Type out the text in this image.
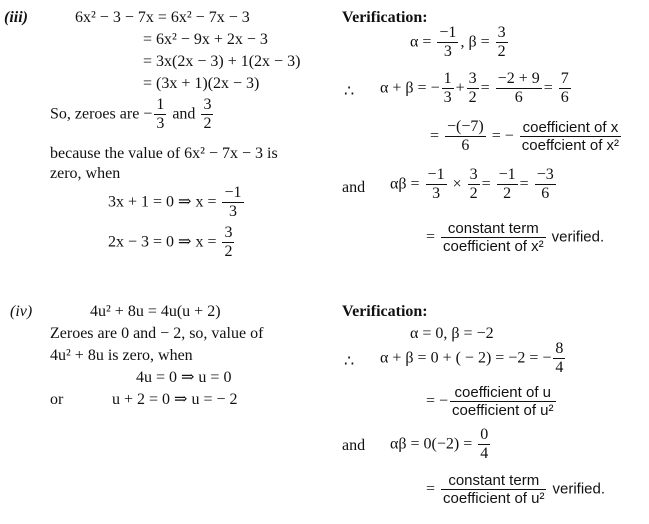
(iii)	6x² − 3 − 7x = 6x² − 7x − 3
= 6x² − 9x + 2x − 3
= 3x(2x − 3) + 1(2x − 3)
= (3x + 1)(2x − 3)
So, zeroes are − $\frac{1}{3}$ and $\frac{3}{2}$
because the value of 6x² − 7x − 3 is
zero, when
3x + 1 = 0 ⇒ $x = \frac{-1}{3}$
2x − 3 = 0 ⇒ $x = \frac{3}{2}$
Verification:
$\alpha = \frac{-1}{3}$ , $\beta = \frac{3}{2}$
∴ α + β = − $\frac{1}{3} + \frac{3}{2} = \frac{-2 + 9}{6} = \frac{7}{6}$
= $\frac{-(-7)}{6}$ = − $\frac{\text{coefficient of x}}{\text{coeffcient of x²}}$
and $\alpha\beta = \frac{-1}{3} \times \frac{3}{2} = \frac{-1}{2} = \frac{-3}{6}$
= $\frac{\text{constant term}}{\text{coefficient of x²}}$ verified.
(iv)	4u² + 8u = 4u(u + 2)
Zeroes are 0 and − 2, so, value of
4u² + 8u is zero, when
4u = 0 ⇒ u = 0
or	u + 2 = 0 ⇒ u = − 2
Verification:
α = 0, β = −2
∴ α + β = 0 + ( − 2) = −2 = − $\frac{8}{4}$
= − $\frac{\text{coefficient of u}}{\text{coefficient of u²}}$
and $\alpha\beta = 0(-2) = \frac{0}{4}$
= $\frac{\text{constant term}}{\text{coefficient of u²}}$ verified.
